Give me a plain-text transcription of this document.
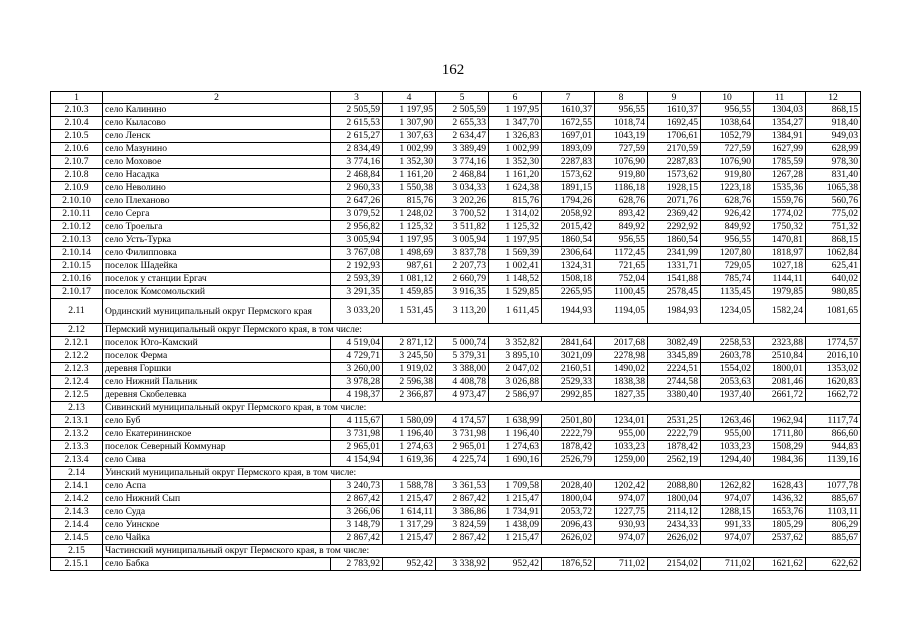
162
1	2	3	4	5	6	7	8	9	10	11	12
2.10.3	село Калинино	2 505,59	1 197,95	2 505,59	1 197,95	1610,37	956,55	1610,37	956,55	1304,03	868,15
2.10.4	село Кыласово	2 615,53	1 307,90	2 655,33	1 347,70	1672,55	1018,74	1692,45	1038,64	1354,27	918,40
2.10.5	село Ленск	2 615,27	1 307,63	2 634,47	1 326,83	1697,01	1043,19	1706,61	1052,79	1384,91	949,03
2.10.6	село Мазунино	2 834,49	1 002,99	3 389,49	1 002,99	1893,09	727,59	2170,59	727,59	1627,99	628,99
2.10.7	село Моховое	3 774,16	1 352,30	3 774,16	1 352,30	2287,83	1076,90	2287,83	1076,90	1785,59	978,30
2.10.8	село Насадка	2 468,84	1 161,20	2 468,84	1 161,20	1573,62	919,80	1573,62	919,80	1267,28	831,40
2.10.9	село Неволино	2 960,33	1 550,38	3 034,33	1 624,38	1891,15	1186,18	1928,15	1223,18	1535,36	1065,38
2.10.10	село Плеханово	2 647,26	815,76	3 202,26	815,76	1794,26	628,76	2071,76	628,76	1559,76	560,76
2.10.11	село Серга	3 079,52	1 248,02	3 700,52	1 314,02	2058,92	893,42	2369,42	926,42	1774,02	775,02
2.10.12	село Троельга	2 956,82	1 125,32	3 511,82	1 125,32	2015,42	849,92	2292,92	849,92	1750,32	751,32
2.10.13	село Усть-Турка	3 005,94	1 197,95	3 005,94	1 197,95	1860,54	956,55	1860,54	956,55	1470,81	868,15
2.10.14	село Филипповка	3 767,08	1 498,69	3 837,78	1 569,39	2306,64	1172,45	2341,99	1207,80	1818,97	1062,84
2.10.15	поселок Шадейка	2 192,93	987,61	2 207,73	1 002,41	1324,31	721,65	1331,71	729,05	1027,18	625,41
2.10.16	поселок у станции Ергач	2 593,39	1 081,12	2 660,79	1 148,52	1508,18	752,04	1541,88	785,74	1144,11	640,02
2.10.17	поселок Комсомольский	3 291,35	1 459,85	3 916,35	1 529,85	2265,95	1100,45	2578,45	1135,45	1979,85	980,85
2.11	Ординский муниципальный округ Пермского края	3 033,20	1 531,45	3 113,20	1 611,45	1944,93	1194,05	1984,93	1234,05	1582,24	1081,65
2.12	Пермский муниципальный округ Пермского края, в том числе:										
2.12.1	поселок Юго-Камский	4 519,04	2 871,12	5 000,74	3 352,82	2841,64	2017,68	3082,49	2258,53	2323,88	1774,57
2.12.2	поселок Ферма	4 729,71	3 245,50	5 379,31	3 895,10	3021,09	2278,98	3345,89	2603,78	2510,84	2016,10
2.12.3	деревня Горшки	3 260,00	1 919,02	3 388,00	2 047,02	2160,51	1490,02	2224,51	1554,02	1800,01	1353,02
2.12.4	село Нижний Пальник	3 978,28	2 596,38	4 408,78	3 026,88	2529,33	1838,38	2744,58	2053,63	2081,46	1620,83
2.12.5	деревня Скобелевка	4 198,37	2 366,87	4 973,47	2 586,97	2992,85	1827,35	3380,40	1937,40	2661,72	1662,72
2.13	Сивинский муниципальный округ Пермского края, в том числе:										
2.13.1	село Буб	4 115,67	1 580,09	4 174,57	1 638,99	2501,80	1234,01	2531,25	1263,46	1962,94	1117,74
2.13.2	село Екатерининское	3 731,98	1 196,40	3 731,98	1 196,40	2222,79	955,00	2222,79	955,00	1711,80	866,60
2.13.3	поселок Северный Коммунар	2 965,01	1 274,63	2 965,01	1 274,63	1878,42	1033,23	1878,42	1033,23	1508,29	944,83
2.13.4	село Сива	4 154,94	1 619,36	4 225,74	1 690,16	2526,79	1259,00	2562,19	1294,40	1984,36	1139,16
2.14	Уинский муниципальный округ Пермского края, в том числе:										
2.14.1	село Аспа	3 240,73	1 588,78	3 361,53	1 709,58	2028,40	1202,42	2088,80	1262,82	1628,43	1077,78
2.14.2	село Нижний Сып	2 867,42	1 215,47	2 867,42	1 215,47	1800,04	974,07	1800,04	974,07	1436,32	885,67
2.14.3	село Суда	3 266,06	1 614,11	3 386,86	1 734,91	2053,72	1227,75	2114,12	1288,15	1653,76	1103,11
2.14.4	село Уинское	3 148,79	1 317,29	3 824,59	1 438,09	2096,43	930,93	2434,33	991,33	1805,29	806,29
2.14.5	село Чайка	2 867,42	1 215,47	2 867,42	1 215,47	2626,02	974,07	2626,02	974,07	2537,62	885,67
2.15	Частинский муниципальный округ Пермского края, в том числе:										
2.15.1	село Бабка	2 783,92	952,42	3 338,92	952,42	1876,52	711,02	2154,02	711,02	1621,62	622,62
